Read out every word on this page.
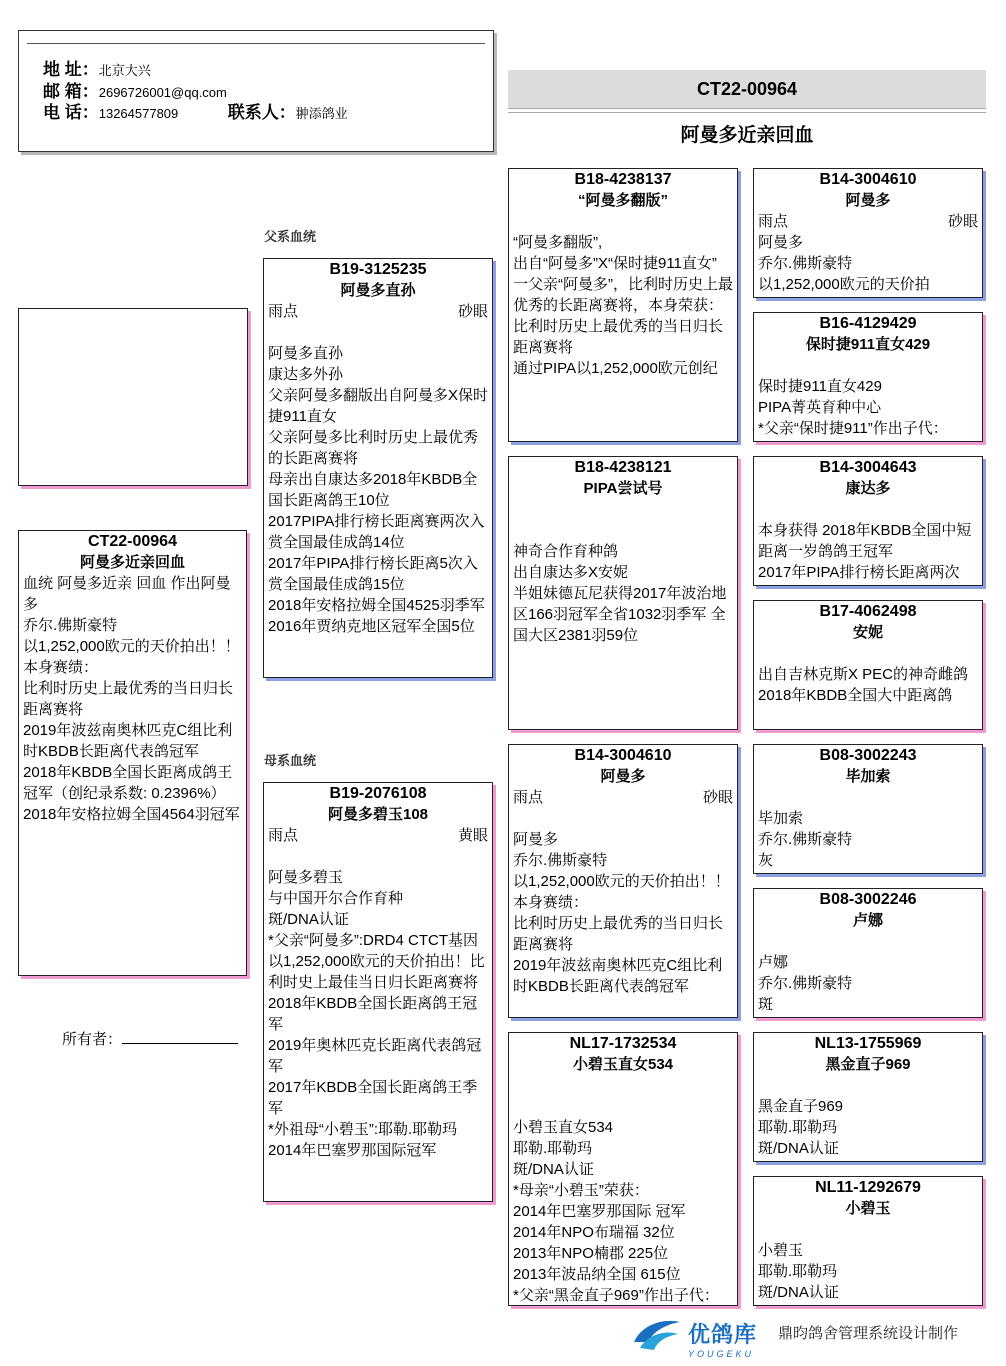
地 址：北京大兴
邮 箱：2696726001@qq.com
电 话：13264577809	联系人：翀添鸽业
CT22-00964
阿曼多近亲回血
父系血统
母系血统
CT22-00964
阿曼多近亲回血
血统 阿曼多近亲 回血 作出阿曼多
乔尔.佛斯豪特
以1,252,000欧元的天价拍出！！
本身赛绩：
比利时历史上最优秀的当日归长距离赛将
2019年波兹南奥林匹克C组比利时KBDB长距离代表鸽冠军
2018年KBDB全国长距离成鸽王冠军（创纪录系数: 0.2396%）
2018年安格拉姆全国4564羽冠军
B19-3125235
阿曼多直孙
雨点	砂眼
阿曼多直孙
康达多外孙
父亲阿曼多翻版出自阿曼多X保时捷911直女
父亲阿曼多比利时历史上最优秀的长距离赛将
母亲出自康达多2018年KBDB全国长距离鸽王10位
2017PIPA排行榜长距离赛两次入赏全国最佳成鸽14位
2017年PIPA排行榜长距离5次入赏全国最佳成鸽15位
2018年安格拉姆全国4525羽季军
2016年贾纳克地区冠军全国5位
B19-2076108
阿曼多碧玉108
雨点	黄眼
阿曼多碧玉
与中国开尔合作育种
斑/DNA认证
*父亲“阿曼多”:DRD4 CTCT基因
以1,252,000欧元的天价拍出！比利时史上最佳当日归长距离赛将
2018年KBDB全国长距离鸽王冠军
2019年奥林匹克长距离代表鸽冠军
2017年KBDB全国长距离鸽王季军
*外祖母“小碧玉”:耶勒.耶勒玛
2014年巴塞罗那国际冠军
B18-4238137
“阿曼多翻版”
“阿曼多翻版”,
出自“阿曼多”X“保时捷911直女”
一父亲“阿曼多”，比利时历史上最优秀的长距离赛将，本身荣获：
比利时历史上最优秀的当日归长距离赛将
通过PIPA以1,252,000欧元创纪
B18-4238121
PIPA尝试号
神奇合作育种鸽
出自康达多X安妮
半姐妹德瓦尼获得2017年波治地区166羽冠军全省1032羽季军 全国大区2381羽59位
B14-3004610
阿曼多
雨点	砂眼
阿曼多
乔尔.佛斯豪特
以1,252,000欧元的天价拍出！！
本身赛绩：
比利时历史上最优秀的当日归长距离赛将
2019年波兹南奥林匹克C组比利时KBDB长距离代表鸽冠军
NL17-1732534
小碧玉直女534
小碧玉直女534
耶勒.耶勒玛
斑/DNA认证
*母亲“小碧玉”荣获：
2014年巴塞罗那国际 冠军
2014年NPO布瑞福 32位
2013年NPO楠郡 225位
2013年波品纳全国 615位
*父亲“黑金直子969”作出子代：
B14-3004610
阿曼多
雨点	砂眼
阿曼多
乔尔.佛斯豪特
以1,252,000欧元的天价拍
B16-4129429
保时捷911直女429
保时捷911直女429
PIPA菁英育种中心
*父亲“保时捷911”作出子代：
B14-3004643
康达多
本身获得 2018年KBDB全国中短距离一岁鸽鸽王冠军
2017年PIPA排行榜长距离两次
B17-4062498
安妮
出自吉林克斯X PEC的神奇雌鸽
2018年KBDB全国大中距离鸽
B08-3002243
毕加索
毕加索
乔尔.佛斯豪特
灰
B08-3002246
卢娜
卢娜
乔尔.佛斯豪特
斑
NL13-1755969
黑金直子969
黑金直子969
耶勒.耶勒玛
斑/DNA认证
NL11-1292679
小碧玉
小碧玉
耶勒.耶勒玛
斑/DNA认证
所有者：
优鸽库
YOUGEKU
鼎昀鸽舍管理系统设计制作
